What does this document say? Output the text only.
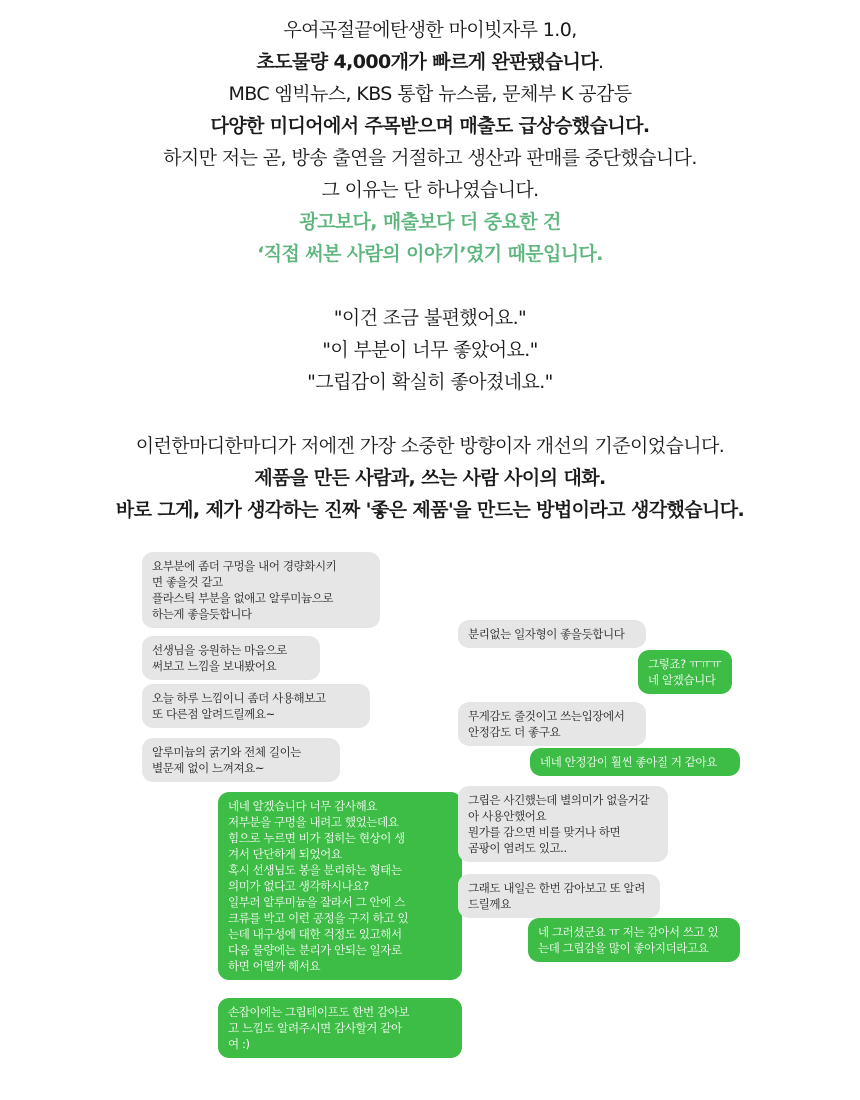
우여곡절끝에탄생한 마이빗자루 1.0,
초도물량 4,000개가 빠르게 완판됐습니다.
MBC 엠빅뉴스, KBS 통합 뉴스룸, 문체부 K 공감등
다양한 미디어에서 주목받으며 매출도 급상승했습니다.
하지만 저는 곧, 방송 출연을 거절하고 생산과 판매를 중단했습니다.
그 이유는 단 하나였습니다.
광고보다, 매출보다 더 중요한 건
‘직접 써본 사람의 이야기’였기 때문입니다.
"이건 조금 불편했어요."
"이 부분이 너무 좋았어요."
"그립감이 확실히 좋아졌네요."
이런한마디한마디가 저에겐 가장 소중한 방향이자 개선의 기준이었습니다.
제품을 만든 사람과, 쓰는 사람 사이의 대화.
바로 그게, 제가 생각하는 진짜 '좋은 제품'을 만드는 방법이라고 생각했습니다.
요부분에 좀더 구멍을 내어 경량화시키
면 좋을것 같고
플라스틱 부분을 없애고 알루미늄으로
하는게 좋을듯합니다
선생님을 응원하는 마음으로
써보고 느낌을 보내봤어요
오늘 하루 느낌이니 좀더 사용해보고
또 다른점 알려드릴께요~
알루미늄의 굵기와 전체 길이는
별문제 없이 느껴져요~
네네 알겠습니다 너무 감사해요
저부분을 구멍을 내려고 했었는데요
힘으로 누르면 비가 접히는 현상이 생
겨서 단단하게 되었어요
혹시 선생님도 봉을 분리하는 형태는
의미가 없다고 생각하시나요?
일부러 알루미늄을 잘라서 그 안에 스
크류를 박고 이런 공정을 구지 하고 있
는데 내구성에 대한 걱정도 있고해서
다음 물량에는 분리가 안되는 일자로
하면 어떨까 해서요
손잡이에는 그립테이프도 한번 감아보
고 느낌도 알려주시면 감사할거 같아
여 :)
분리없는 일자형이 좋을듯합니다
그렇죠? ㅠㅠㅠ
네 알겠습니다
무게감도 줄것이고 쓰는입장에서
안정감도 더 좋구요
네네 안정감이 훨씬 좋아질 거 같아요
그립은 사긴했는데 별의미가 없을거같
아 사용안했어요
뭔가를 감으면 비를 맞거나 하면
곰팡이 염려도 있고..
그래도 내일은 한번 감아보고 또 알려
드릴께요
네 그러셨군요 ㅠ 저는 감아서 쓰고 있
는데 그립감을 많이 좋아지더라고요
